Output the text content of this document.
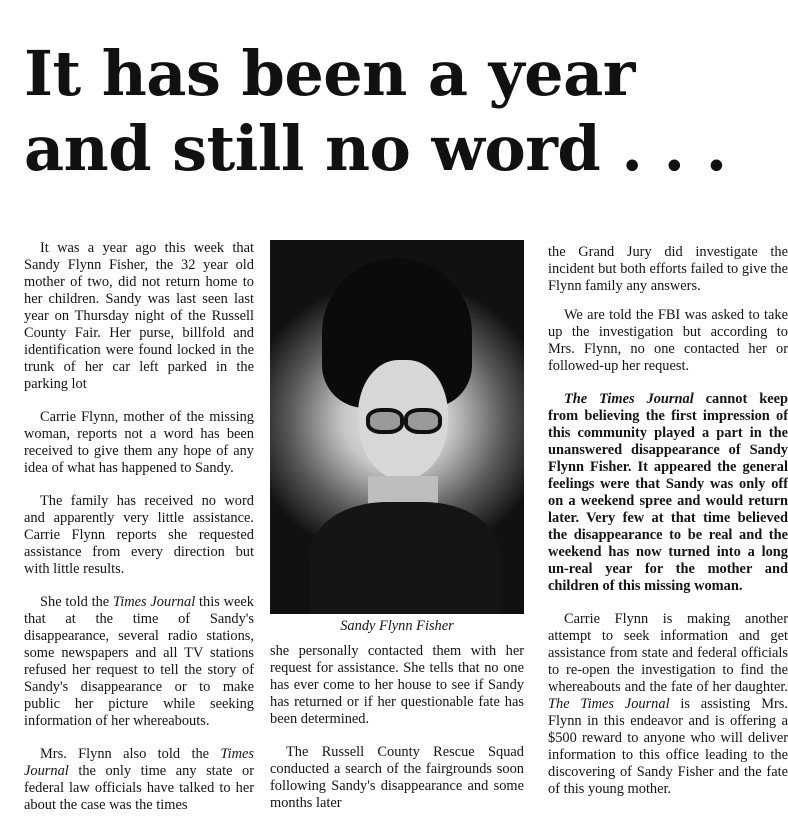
It has been a year
and still no word . . .

It was a year ago this week that Sandy Flynn Fisher, the 32 year old mother of two, did not return home to her children. Sandy was last seen last year on Thursday night of the Russell County Fair. Her purse, billfold and identification were found locked in the trunk of her car left parked in the parking lot

Carrie Flynn, mother of the missing woman, reports not a word has been received to give them any hope of any idea of what has happened to Sandy.

The family has received no word and apparently very little assistance. Carrie Flynn reports she requested assistance from every direction but with little results.

She told the Times Journal this week that at the time of Sandy's disappearance, several radio stations, some newspapers and all TV stations refused her request to tell the story of Sandy's disappearance or to make public her picture while seeking information of her whereabouts.

Mrs. Flynn also told the Times Journal the only time any state or federal law officials have talked to her about the case was the times

Sandy Flynn Fisher

she personally contacted them with her request for assistance. She tells that no one has ever come to her house to see if Sandy has returned or if her questionable fate has been determined.

The Russell County Rescue Squad conducted a search of the fairgrounds soon following Sandy's disappearance and some months later

the Grand Jury did investigate the incident but both efforts failed to give the Flynn family any answers.

We are told the FBI was asked to take up the investigation but according to Mrs. Flynn, no one contacted her or followed-up her request.

The Times Journal cannot keep from believing the first impression of this community played a part in the unanswered disappearance of Sandy Flynn Fisher. It appeared the general feelings were that Sandy was only off on a weekend spree and would return later. Very few at that time believed the disappearance to be real and the weekend has now turned into a long un-real year for the mother and children of this missing woman.

Carrie Flynn is making another attempt to seek information and get assistance from state and federal officials to re-open the investigation to find the whereabouts and the fate of her daughter. The Times Journal is assisting Mrs. Flynn in this endeavor and is offering a $500 reward to anyone who will deliver information to this office leading to the discovering of Sandy Fisher and the fate of this young mother.
